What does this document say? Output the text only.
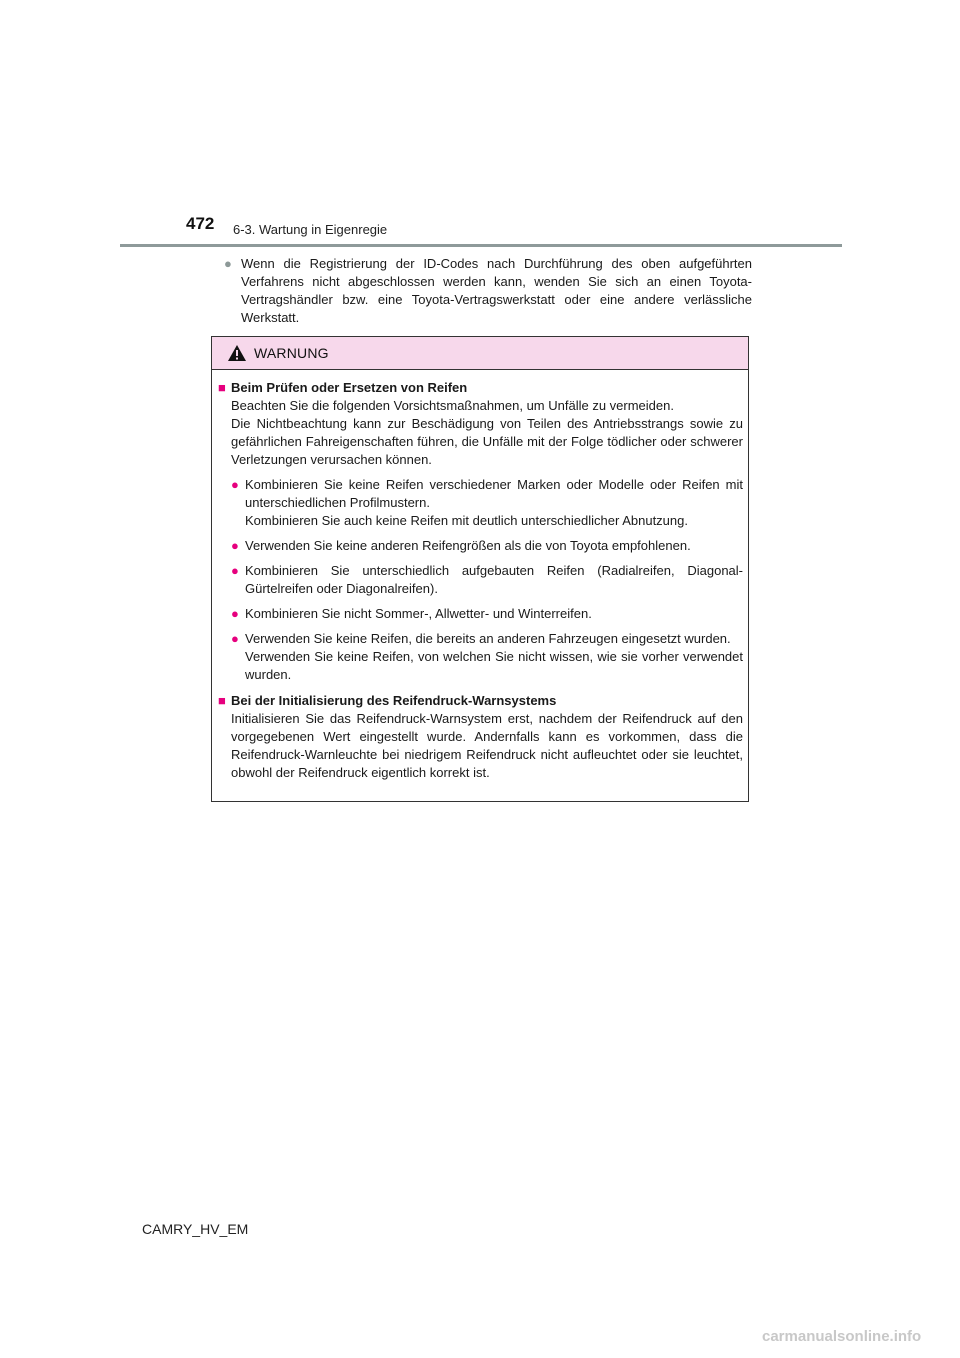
472 6-3. Wartung in Eigenregie
● Wenn die Registrierung der ID-Codes nach Durchführung des oben aufgeführten Verfahrens nicht abgeschlossen werden kann, wenden Sie sich an einen Toyota-Vertragshändler bzw. eine Toyota-Vertragswerkstatt oder eine andere verlässliche Werkstatt.
WARNUNG
■ Beim Prüfen oder Ersetzen von Reifen
Beachten Sie die folgenden Vorsichtsmaßnahmen, um Unfälle zu vermeiden.
Die Nichtbeachtung kann zur Beschädigung von Teilen des Antriebsstrangs sowie zu gefährlichen Fahreigenschaften führen, die Unfälle mit der Folge tödlicher oder schwerer Verletzungen verursachen können.
● Kombinieren Sie keine Reifen verschiedener Marken oder Modelle oder Reifen mit unterschiedlichen Profilmustern.
Kombinieren Sie auch keine Reifen mit deutlich unterschiedlicher Abnutzung.
● Verwenden Sie keine anderen Reifengrößen als die von Toyota empfohlenen.
● Kombinieren Sie unterschiedlich aufgebauten Reifen (Radialreifen, Diagonal-Gürtelreifen oder Diagonalreifen).
● Kombinieren Sie nicht Sommer-, Allwetter- und Winterreifen.
● Verwenden Sie keine Reifen, die bereits an anderen Fahrzeugen eingesetzt wurden.
Verwenden Sie keine Reifen, von welchen Sie nicht wissen, wie sie vorher verwendet wurden.
■ Bei der Initialisierung des Reifendruck-Warnsystems
Initialisieren Sie das Reifendruck-Warnsystem erst, nachdem der Reifendruck auf den vorgegebenen Wert eingestellt wurde. Andernfalls kann es vorkommen, dass die Reifendruck-Warnleuchte bei niedrigem Reifendruck nicht aufleuchtet oder sie leuchtet, obwohl der Reifendruck eigentlich korrekt ist.
CAMRY_HV_EM
carmanualsonline.info
